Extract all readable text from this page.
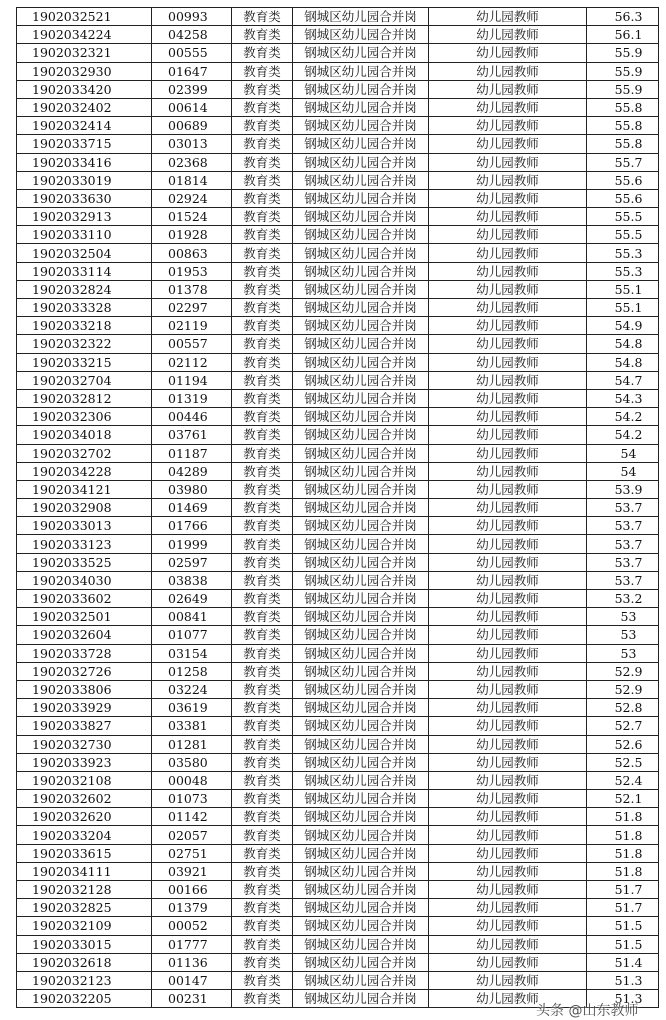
1902032521	00993	教育类	钢城区幼儿园合并岗	幼儿园教师	56.3
1902034224	04258	教育类	钢城区幼儿园合并岗	幼儿园教师	56.1
1902032321	00555	教育类	钢城区幼儿园合并岗	幼儿园教师	55.9
1902032930	01647	教育类	钢城区幼儿园合并岗	幼儿园教师	55.9
1902033420	02399	教育类	钢城区幼儿园合并岗	幼儿园教师	55.9
1902032402	00614	教育类	钢城区幼儿园合并岗	幼儿园教师	55.8
1902032414	00689	教育类	钢城区幼儿园合并岗	幼儿园教师	55.8
1902033715	03013	教育类	钢城区幼儿园合并岗	幼儿园教师	55.8
1902033416	02368	教育类	钢城区幼儿园合并岗	幼儿园教师	55.7
1902033019	01814	教育类	钢城区幼儿园合并岗	幼儿园教师	55.6
1902033630	02924	教育类	钢城区幼儿园合并岗	幼儿园教师	55.6
1902032913	01524	教育类	钢城区幼儿园合并岗	幼儿园教师	55.5
1902033110	01928	教育类	钢城区幼儿园合并岗	幼儿园教师	55.5
1902032504	00863	教育类	钢城区幼儿园合并岗	幼儿园教师	55.3
1902033114	01953	教育类	钢城区幼儿园合并岗	幼儿园教师	55.3
1902032824	01378	教育类	钢城区幼儿园合并岗	幼儿园教师	55.1
1902033328	02297	教育类	钢城区幼儿园合并岗	幼儿园教师	55.1
1902033218	02119	教育类	钢城区幼儿园合并岗	幼儿园教师	54.9
1902032322	00557	教育类	钢城区幼儿园合并岗	幼儿园教师	54.8
1902033215	02112	教育类	钢城区幼儿园合并岗	幼儿园教师	54.8
1902032704	01194	教育类	钢城区幼儿园合并岗	幼儿园教师	54.7
1902032812	01319	教育类	钢城区幼儿园合并岗	幼儿园教师	54.3
1902032306	00446	教育类	钢城区幼儿园合并岗	幼儿园教师	54.2
1902034018	03761	教育类	钢城区幼儿园合并岗	幼儿园教师	54.2
1902032702	01187	教育类	钢城区幼儿园合并岗	幼儿园教师	54
1902034228	04289	教育类	钢城区幼儿园合并岗	幼儿园教师	54
1902034121	03980	教育类	钢城区幼儿园合并岗	幼儿园教师	53.9
1902032908	01469	教育类	钢城区幼儿园合并岗	幼儿园教师	53.7
1902033013	01766	教育类	钢城区幼儿园合并岗	幼儿园教师	53.7
1902033123	01999	教育类	钢城区幼儿园合并岗	幼儿园教师	53.7
1902033525	02597	教育类	钢城区幼儿园合并岗	幼儿园教师	53.7
1902034030	03838	教育类	钢城区幼儿园合并岗	幼儿园教师	53.7
1902033602	02649	教育类	钢城区幼儿园合并岗	幼儿园教师	53.2
1902032501	00841	教育类	钢城区幼儿园合并岗	幼儿园教师	53
1902032604	01077	教育类	钢城区幼儿园合并岗	幼儿园教师	53
1902033728	03154	教育类	钢城区幼儿园合并岗	幼儿园教师	53
1902032726	01258	教育类	钢城区幼儿园合并岗	幼儿园教师	52.9
1902033806	03224	教育类	钢城区幼儿园合并岗	幼儿园教师	52.9
1902033929	03619	教育类	钢城区幼儿园合并岗	幼儿园教师	52.8
1902033827	03381	教育类	钢城区幼儿园合并岗	幼儿园教师	52.7
1902032730	01281	教育类	钢城区幼儿园合并岗	幼儿园教师	52.6
1902033923	03580	教育类	钢城区幼儿园合并岗	幼儿园教师	52.5
1902032108	00048	教育类	钢城区幼儿园合并岗	幼儿园教师	52.4
1902032602	01073	教育类	钢城区幼儿园合并岗	幼儿园教师	52.1
1902032620	01142	教育类	钢城区幼儿园合并岗	幼儿园教师	51.8
1902033204	02057	教育类	钢城区幼儿园合并岗	幼儿园教师	51.8
1902033615	02751	教育类	钢城区幼儿园合并岗	幼儿园教师	51.8
1902034111	03921	教育类	钢城区幼儿园合并岗	幼儿园教师	51.8
1902032128	00166	教育类	钢城区幼儿园合并岗	幼儿园教师	51.7
1902032825	01379	教育类	钢城区幼儿园合并岗	幼儿园教师	51.7
1902032109	00052	教育类	钢城区幼儿园合并岗	幼儿园教师	51.5
1902033015	01777	教育类	钢城区幼儿园合并岗	幼儿园教师	51.5
1902032618	01136	教育类	钢城区幼儿园合并岗	幼儿园教师	51.4
1902032123	00147	教育类	钢城区幼儿园合并岗	幼儿园教师	51.3
1902032205	00231	教育类	钢城区幼儿园合并岗	幼儿园教师	51.3
头条 @山东教师
